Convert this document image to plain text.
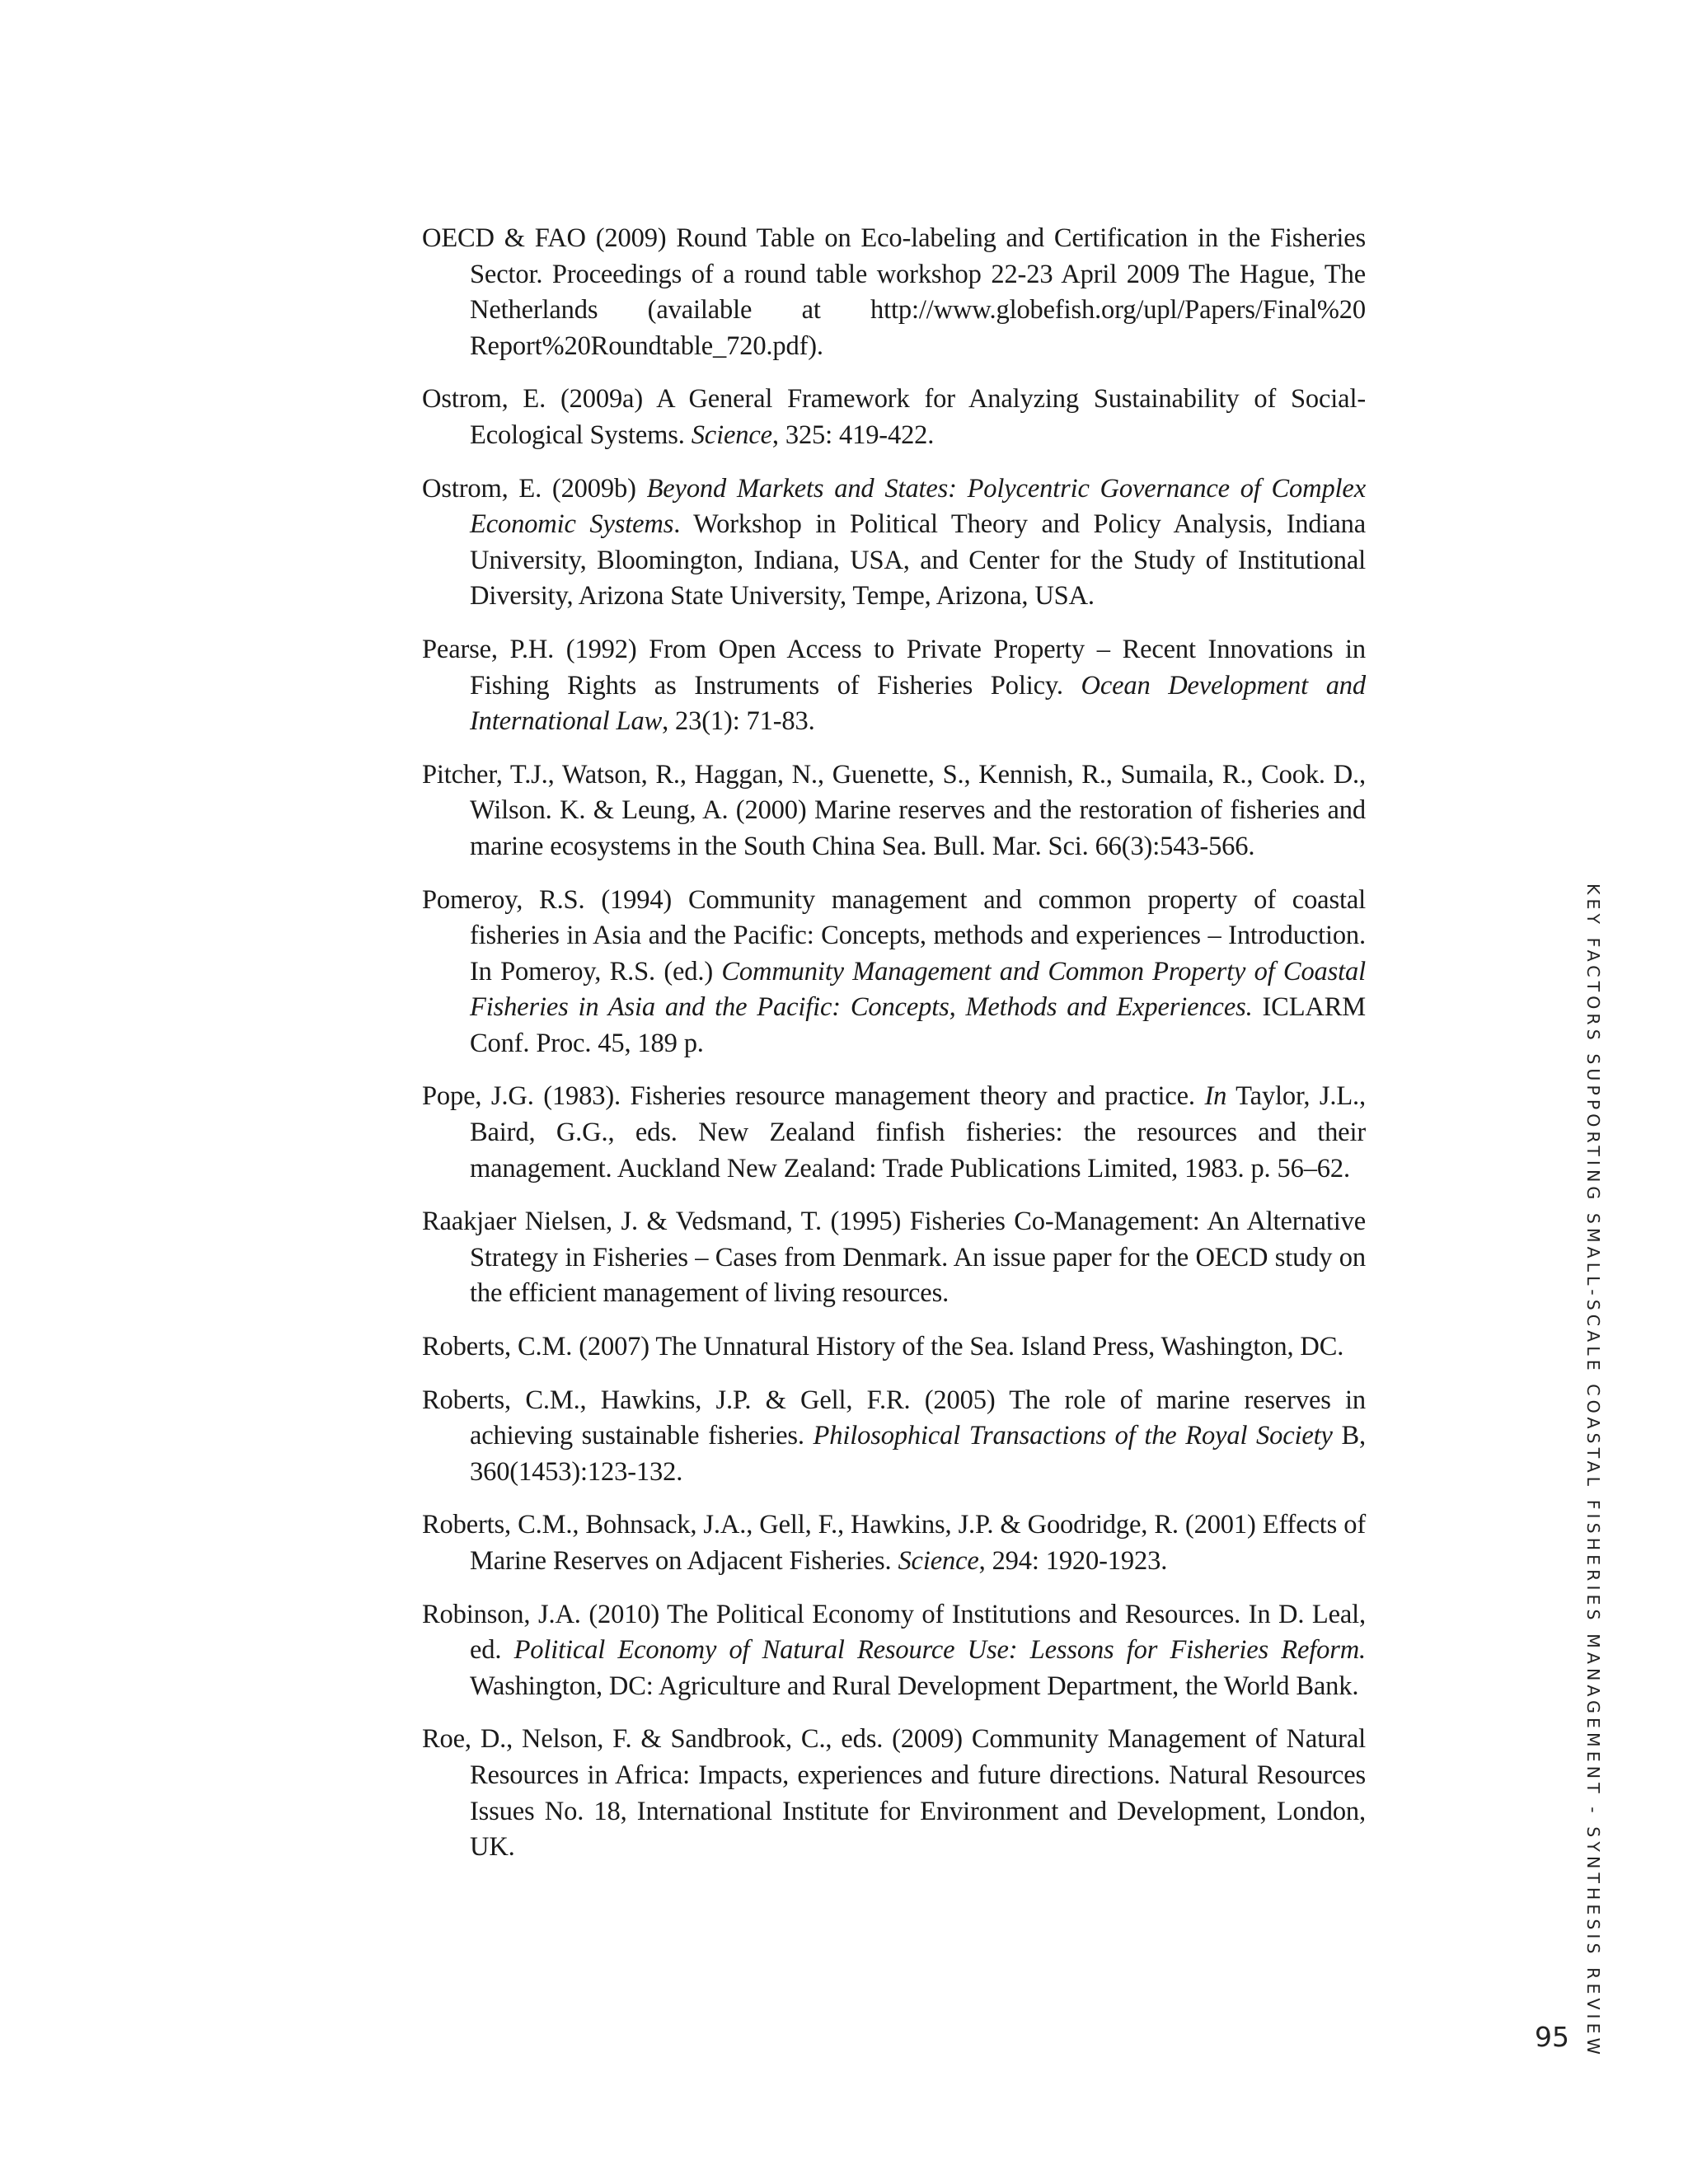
OECD & FAO (2009) Round Table on Eco-labeling and Certification in the Fisheries Sector. Proceedings of a round table workshop 22-23 April 2009 The Hague, The Netherlands (available at http://www.globefish.org/upl/Papers/Final%20 Report%20Roundtable_720.pdf).

Ostrom, E. (2009a) A General Framework for Analyzing Sustainability of Social-Ecological Systems. Science, 325: 419-422.

Ostrom, E. (2009b) Beyond Markets and States: Polycentric Governance of Complex Economic Systems. Workshop in Political Theory and Policy Analysis, Indiana University, Bloomington, Indiana, USA, and Center for the Study of Institutional Diversity, Arizona State University, Tempe, Arizona, USA.

Pearse, P.H. (1992) From Open Access to Private Property – Recent Innovations in Fishing Rights as Instruments of Fisheries Policy. Ocean Development and International Law, 23(1): 71-83.

Pitcher, T.J., Watson, R., Haggan, N., Guenette, S., Kennish, R., Sumaila, R., Cook. D., Wilson. K. & Leung, A. (2000) Marine reserves and the restoration of fisheries and marine ecosystems in the South China Sea. Bull. Mar. Sci. 66(3):543-566.

Pomeroy, R.S. (1994) Community management and common property of coastal fisheries in Asia and the Pacific: Concepts, methods and experiences – Introduction. In Pomeroy, R.S. (ed.) Community Management and Common Property of Coastal Fisheries in Asia and the Pacific: Concepts, Methods and Experiences. ICLARM Conf. Proc. 45, 189 p.

Pope, J.G. (1983). Fisheries resource management theory and practice. In Taylor, J.L., Baird, G.G., eds. New Zealand finfish fisheries: the resources and their management. Auckland New Zealand: Trade Publications Limited, 1983. p. 56–62.

Raakjaer Nielsen, J. & Vedsmand, T. (1995) Fisheries Co-Management: An Alternative Strategy in Fisheries – Cases from Denmark. An issue paper for the OECD study on the efficient management of living resources.

Roberts, C.M. (2007) The Unnatural History of the Sea. Island Press, Washington, DC.

Roberts, C.M., Hawkins, J.P. & Gell, F.R. (2005) The role of marine reserves in achieving sustainable fisheries. Philosophical Transactions of the Royal Society B, 360(1453):123-132.

Roberts, C.M., Bohnsack, J.A., Gell, F., Hawkins, J.P. & Goodridge, R. (2001) Effects of Marine Reserves on Adjacent Fisheries. Science, 294: 1920-1923.

Robinson, J.A. (2010) The Political Economy of Institutions and Resources. In D. Leal, ed. Political Economy of Natural Resource Use: Lessons for Fisheries Reform. Washington, DC: Agriculture and Rural Development Department, the World Bank.

Roe, D., Nelson, F. & Sandbrook, C., eds. (2009) Community Management of Natural Resources in Africa: Impacts, experiences and future directions. Natural Resources Issues No. 18, International Institute for Environment and Development, London, UK.	KEY FACTORS SUPPORTING SMALL-SCALE COASTAL FISHERIES MANAGEMENT - SYNTHESIS REVIEW
95
